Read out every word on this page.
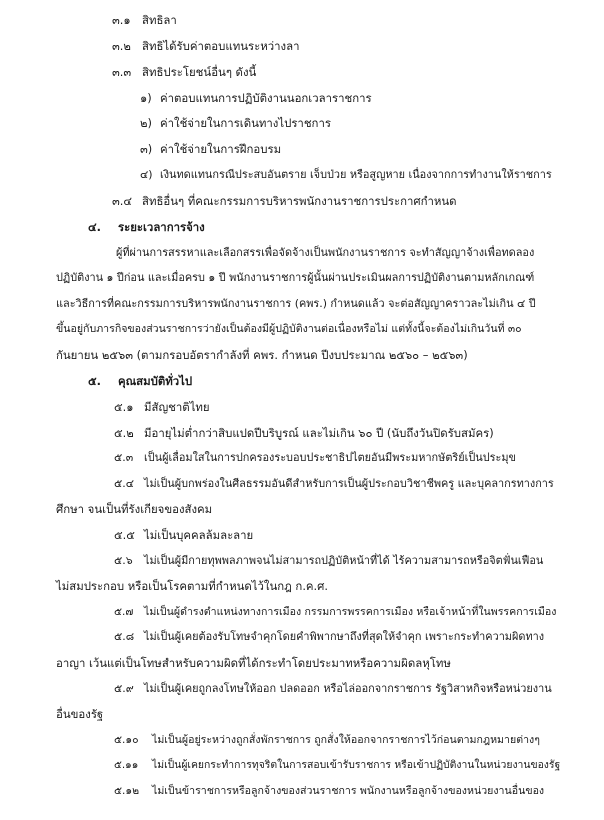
๓.๑ สิทธิลา
๓.๒ สิทธิได้รับค่าตอบแทนระหว่างลา
๓.๓ สิทธิประโยชน์อื่นๆ ดังนี้
๑) ค่าตอบแทนการปฏิบัติงานนอกเวลาราชการ
๒) ค่าใช้จ่ายในการเดินทางไปราชการ
๓) ค่าใช้จ่ายในการฝึกอบรม
๔) เงินทดแทนกรณีประสบอันตราย เจ็บป่วย หรือสูญหาย เนื่องจากการทำงานให้ราชการ
๓.๔ สิทธิอื่นๆ ที่คณะกรรมการบริหารพนักงานราชการประกาศกำหนด
๔. ระยะเวลาการจ้าง
ผู้ที่ผ่านการสรรหาและเลือกสรรเพื่อจัดจ้างเป็นพนักงานราชการ จะทำสัญญาจ้างเพื่อทดลอง
ปฏิบัติงาน ๑ ปีก่อน และเมื่อครบ ๑ ปี พนักงานราชการผู้นั้นผ่านประเมินผลการปฏิบัติงานตามหลักเกณฑ์
และวิธีการที่คณะกรรมการบริหารพนักงานราชการ (คพร.) กำหนดแล้ว จะต่อสัญญาคราวละไม่เกิน ๔ ปี
ขึ้นอยู่กับภารกิจของส่วนราชการว่ายังเป็นต้องมีผู้ปฏิบัติงานต่อเนื่องหรือไม่ แต่ทั้งนี้จะต้องไม่เกินวันที่ ๓๐
กันยายน ๒๕๖๓ (ตามกรอบอัตรากำลังที่ คพร. กำหนด ปีงบประมาณ ๒๕๖๐ – ๒๕๖๓)
๕. คุณสมบัติทั่วไป
๕.๑ มีสัญชาติไทย
๕.๒ มีอายุไม่ต่ำกว่าสิบแปดปีบริบูรณ์ และไม่เกิน ๖๐ ปี (นับถึงวันปิดรับสมัคร)
๕.๓ เป็นผู้เลื่อมใสในการปกครองระบอบประชาธิปไตยอันมีพระมหากษัตริย์เป็นประมุข
๕.๔ ไม่เป็นผู้บกพร่องในศีลธรรมอันดีสำหรับการเป็นผู้ประกอบวิชาชีพครู และบุคลากรทางการ
ศึกษา จนเป็นที่รังเกียจของสังคม
๕.๕ ไม่เป็นบุคคลล้มละลาย
๕.๖ ไม่เป็นผู้มีกายทุพพลภาพจนไม่สามารถปฏิบัติหน้าที่ได้ ไร้ความสามารถหรือจิตฟั่นเฟือน
ไม่สมประกอบ หรือเป็นโรคตามที่กำหนดไว้ในกฎ ก.ค.ศ.
๕.๗ ไม่เป็นผู้ดำรงตำแหน่งทางการเมือง กรรมการพรรคการเมือง หรือเจ้าหน้าที่ในพรรคการเมือง
๕.๘ ไม่เป็นผู้เคยต้องรับโทษจำคุกโดยคำพิพากษาถึงที่สุดให้จำคุก เพราะกระทำความผิดทาง
อาญา เว้นแต่เป็นโทษสำหรับความผิดที่ได้กระทำโดยประมาทหรือความผิดลหุโทษ
๕.๙ ไม่เป็นผู้เคยถูกลงโทษให้ออก ปลดออก หรือไล่ออกจากราชการ รัฐวิสาหกิจหรือหน่วยงาน
อื่นของรัฐ
๕.๑๐ ไม่เป็นผู้อยู่ระหว่างถูกสั่งพักราชการ ถูกสั่งให้ออกจากราชการไว้ก่อนตามกฎหมายต่างๆ
๕.๑๑ ไม่เป็นผู้เคยกระทำการทุจริตในการสอบเข้ารับราชการ หรือเข้าปฏิบัติงานในหน่วยงานของรัฐ
๕.๑๒ ไม่เป็นข้าราชการหรือลูกจ้างของส่วนราชการ พนักงานหรือลูกจ้างของหน่วยงานอื่นของ
